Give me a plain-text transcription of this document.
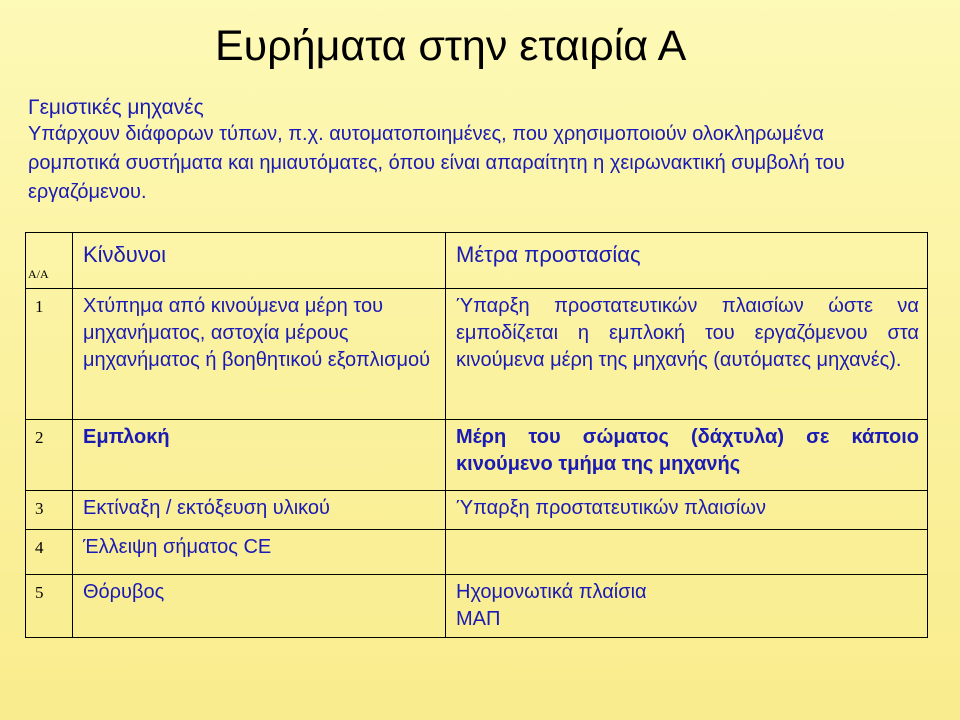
Ευρήματα στην εταιρία Α
Γεμιστικές μηχανές
Υπάρχουν διάφορων τύπων, π.χ. αυτοματοποιημένες, που χρησιμοποιούν ολοκληρωμένα ρομποτικά συστήματα και ημιαυτόματες, όπου είναι απαραίτητη η χειρωνακτική συμβολή του εργαζόμενου.
Α/Α	Κίνδυνοι	Μέτρα προστασίας
1	Χτύπημα από κινούμενα μέρη του μηχανήματος, αστοχία μέρους μηχανήματος ή βοηθητικού εξοπλισμού	Ύπαρξη προστατευτικών πλαισίων ώστε να εμποδίζεται η εμπλοκή του εργαζόμενου στα κινούμενα μέρη της μηχανής (αυτόματες μηχανές).
2	Εμπλοκή	Μέρη του σώματος (δάχτυλα) σε κάποιο κινούμενο τμήμα της μηχανής
3	Εκτίναξη / εκτόξευση υλικού	Ύπαρξη προστατευτικών πλαισίων
4	Έλλειψη σήματος CE	
5	Θόρυβος	Ηχομονωτικά πλαίσια
ΜΑΠ
